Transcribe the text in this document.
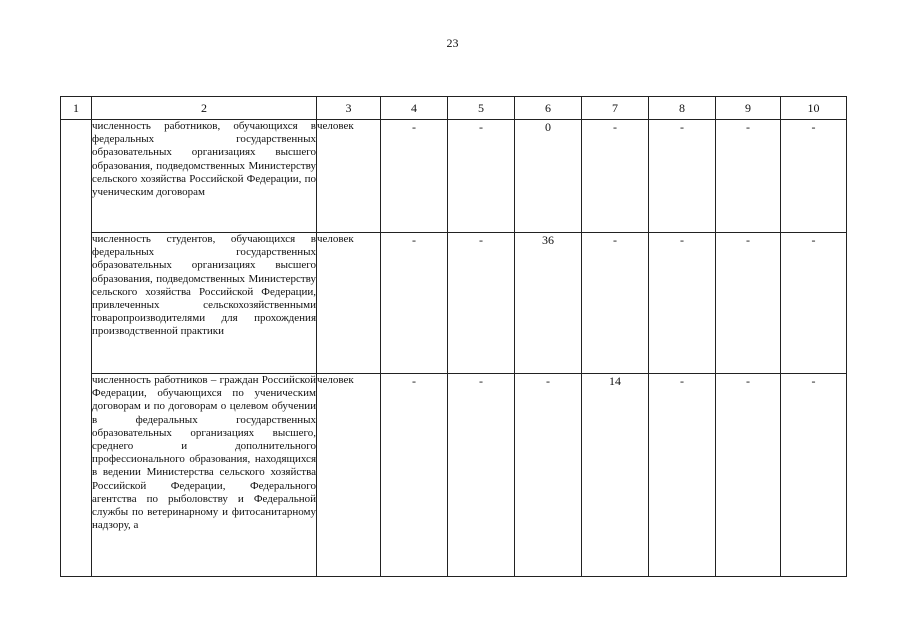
23
1	2	3	4	5	6	7	8	9	10
	численность работников, обучающихся в федеральных государственных образовательных организациях высшего образования, подведомственных Министерству сельского хозяйства Российской Федерации, по ученическим договорам	человек	-	-	0	-	-	-	-
	численность студентов, обучающихся в федеральных государственных образовательных организациях высшего образования, подведомственных Министерству сельского хозяйства Российской Федерации, привлеченных сельскохозяйственными товаропроизводителями для прохождения производственной практики	человек	-	-	36	-	-	-	-
	численность работников – граждан Российской Федерации, обучающихся по ученическим договорам и по договорам о целевом обучении в федеральных государственных образовательных организациях высшего, среднего и дополнительного профессионального образования, находящихся в ведении Министерства сельского хозяйства Российской Федерации, Федерального агентства по рыболовству и Федеральной службы по ветеринарному и фитосанитарному надзору, а	человек	-	-	-	14	-	-	-
